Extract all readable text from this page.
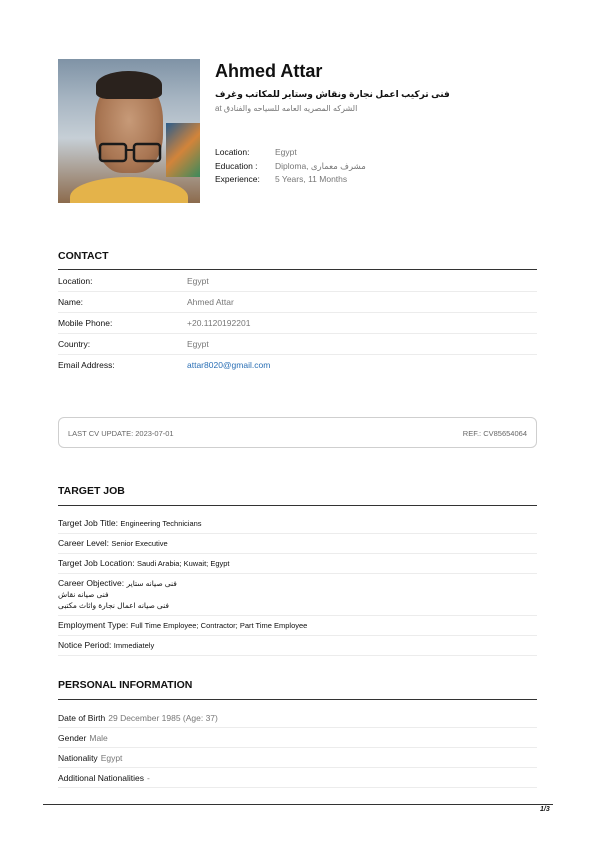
Ahmed Attar
فنى تركيب اعمل نجارة ونقاش وستاير للمكاتب وغرف
at الشركه المصريه العامه للسياحه والفنادق
Location:	Egypt
Education :	Diploma, مشرف معمارى
Experience:	5 Years, 11 Months
CONTACT
Location:	Egypt
Name:	Ahmed Attar
Mobile Phone:	+20.1120192201
Country:	Egypt
Email Address:	attar8020@gmail.com
LAST CV UPDATE: 2023-07-01	REF.: CV85654064
TARGET JOB
Target Job Title: Engineering Technicians
Career Level: Senior Executive
Target Job Location: Saudi Arabia; Kuwait; Egypt
Career Objective: فنى صيانه ستاير
فنى صيانه نقاش
فنى صيانه اعمال نجارة واثاث مكتبى
Employment Type: Full Time Employee; Contractor; Part Time Employee
Notice Period: Immediately
PERSONAL INFORMATION
Date of Birth 29 December 1985 (Age: 37)
Gender Male
Nationality Egypt
Additional Nationalities -
1/3
